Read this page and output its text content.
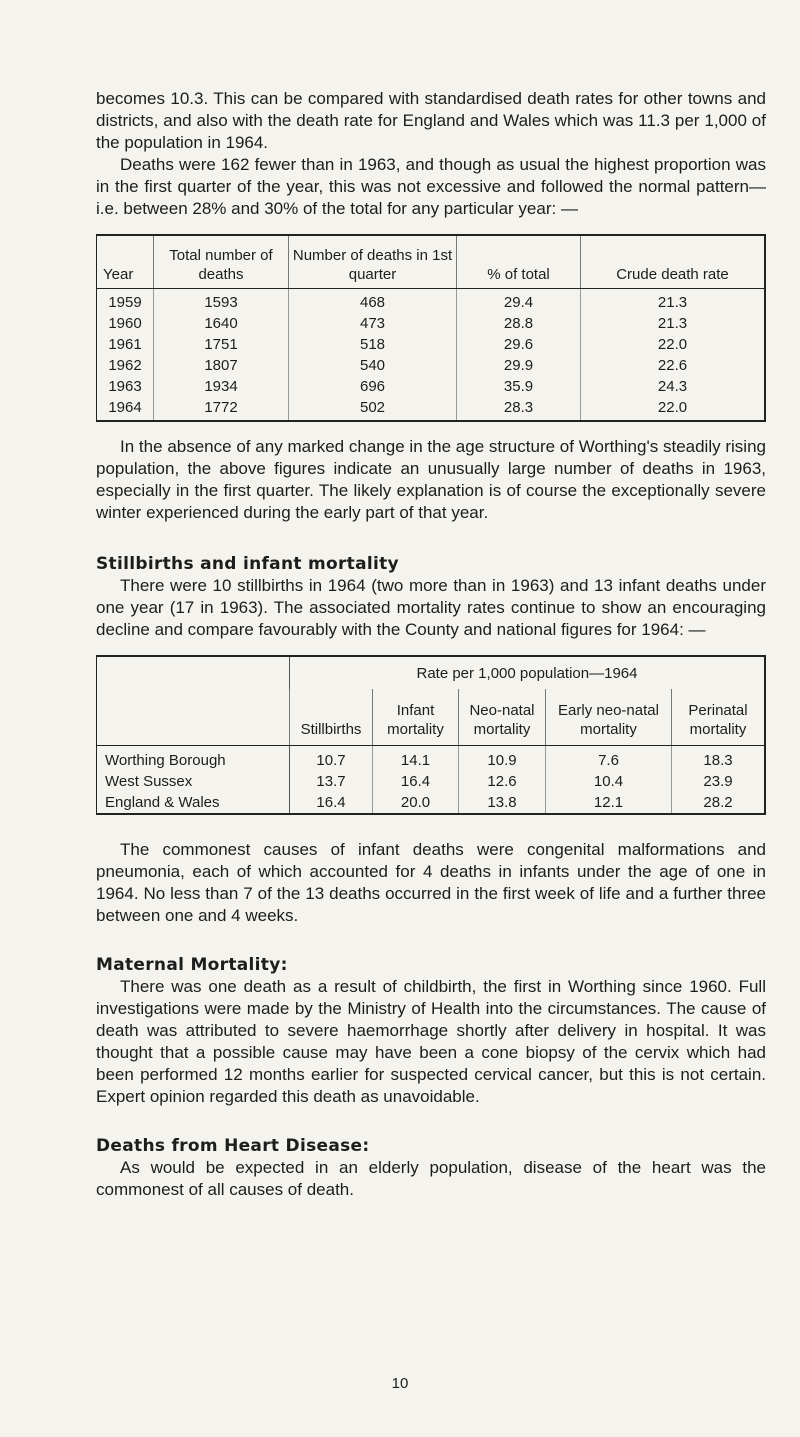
becomes 10.3. This can be compared with standardised death rates for other towns and districts, and also with the death rate for England and Wales which was 11.3 per 1,000 of the population in 1964.

Deaths were 162 fewer than in 1963, and though as usual the highest proportion was in the first quarter of the year, this was not excessive and followed the normal pattern—i.e. between 28% and 30% of the total for any particular year: —

Year	Total number of deaths	Number of deaths in 1st quarter	% of total	Crude death rate
1959	1593	468	29.4	21.3
1960	1640	473	28.8	21.3
1961	1751	518	29.6	22.0
1962	1807	540	29.9	22.6
1963	1934	696	35.9	24.3
1964	1772	502	28.3	22.0

In the absence of any marked change in the age structure of Worthing's steadily rising population, the above figures indicate an unusually large number of deaths in 1963, especially in the first quarter. The likely explanation is of course the exceptionally severe winter experienced during the early part of that year.

Stillbirths and infant mortality

There were 10 stillbirths in 1964 (two more than in 1963) and 13 infant deaths under one year (17 in 1963). The associated mortality rates continue to show an encouraging decline and compare favourably with the County and national figures for 1964: —

	Rate per 1,000 population—1964				
	Stillbirths	Infant mortality	Neo-natal mortality	Early neo-natal mortality	Perinatal mortality
Worthing Borough	10.7	14.1	10.9	7.6	18.3
West Sussex	13.7	16.4	12.6	10.4	23.9
England & Wales	16.4	20.0	13.8	12.1	28.2

The commonest causes of infant deaths were congenital malformations and pneumonia, each of which accounted for 4 deaths in infants under the age of one in 1964. No less than 7 of the 13 deaths occurred in the first week of life and a further three between one and 4 weeks.

Maternal Mortality:

There was one death as a result of childbirth, the first in Worthing since 1960. Full investigations were made by the Ministry of Health into the circumstances. The cause of death was attributed to severe haemorrhage shortly after delivery in hospital. It was thought that a possible cause may have been a cone biopsy of the cervix which had been performed 12 months earlier for suspected cervical cancer, but this is not certain. Expert opinion regarded this death as unavoidable.

Deaths from Heart Disease:

As would be expected in an elderly population, disease of the heart was the commonest of all causes of death.

10
